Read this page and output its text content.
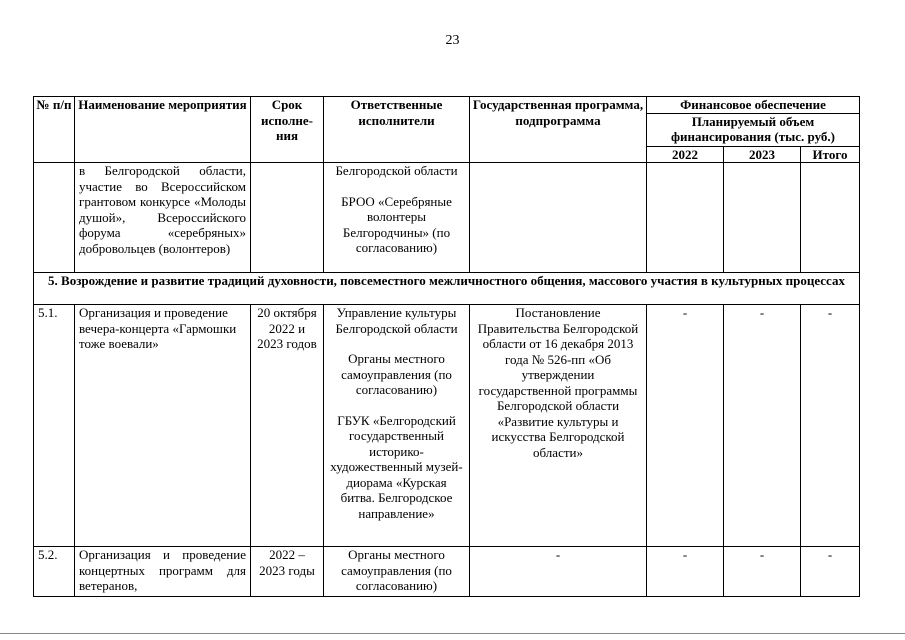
23
№ п/п	Наименование мероприятия	Срок исполне-ния	Ответственные исполнители	Государственная программа, подпрограмма	Финансовое обеспечение		
					Планируемый объем финансирования (тыс. руб.)		
					2022	2023	Итого
	в Белгородской области, участие во Всероссийском грантовом конкурсе «Молоды душой», Всероссийского форума «серебряных» добровольцев (волонтеров)		Белгородской области
БРОО «Серебряные волонтеры Белгородчины» (по согласованию)				

5. Возрождение и развитие традиций духовности, повсеместного межличностного общения, массового участия в культурных процессах							
5.1.	Организация и проведение вечера-концерта «Гармошки тоже воевали»	20 октября 2022 и 2023 годов	Управление культуры Белгородской области
Органы местного самоуправления (по согласованию)
ГБУК «Белгородский государственный историко-художественный музей-диорама «Курская битва. Белгородское направление»	Постановление Правительства Белгородской области от 16 декабря 2013 года № 526-пп «Об утверждении государственной программы Белгородской области «Развитие культуры и искусства Белгородской области»	-	-	-
5.2.	Организация и проведение концертных программ для ветеранов,	2022 – 2023 годы	Органы местного самоуправления (по согласованию)	-	-	-	-
